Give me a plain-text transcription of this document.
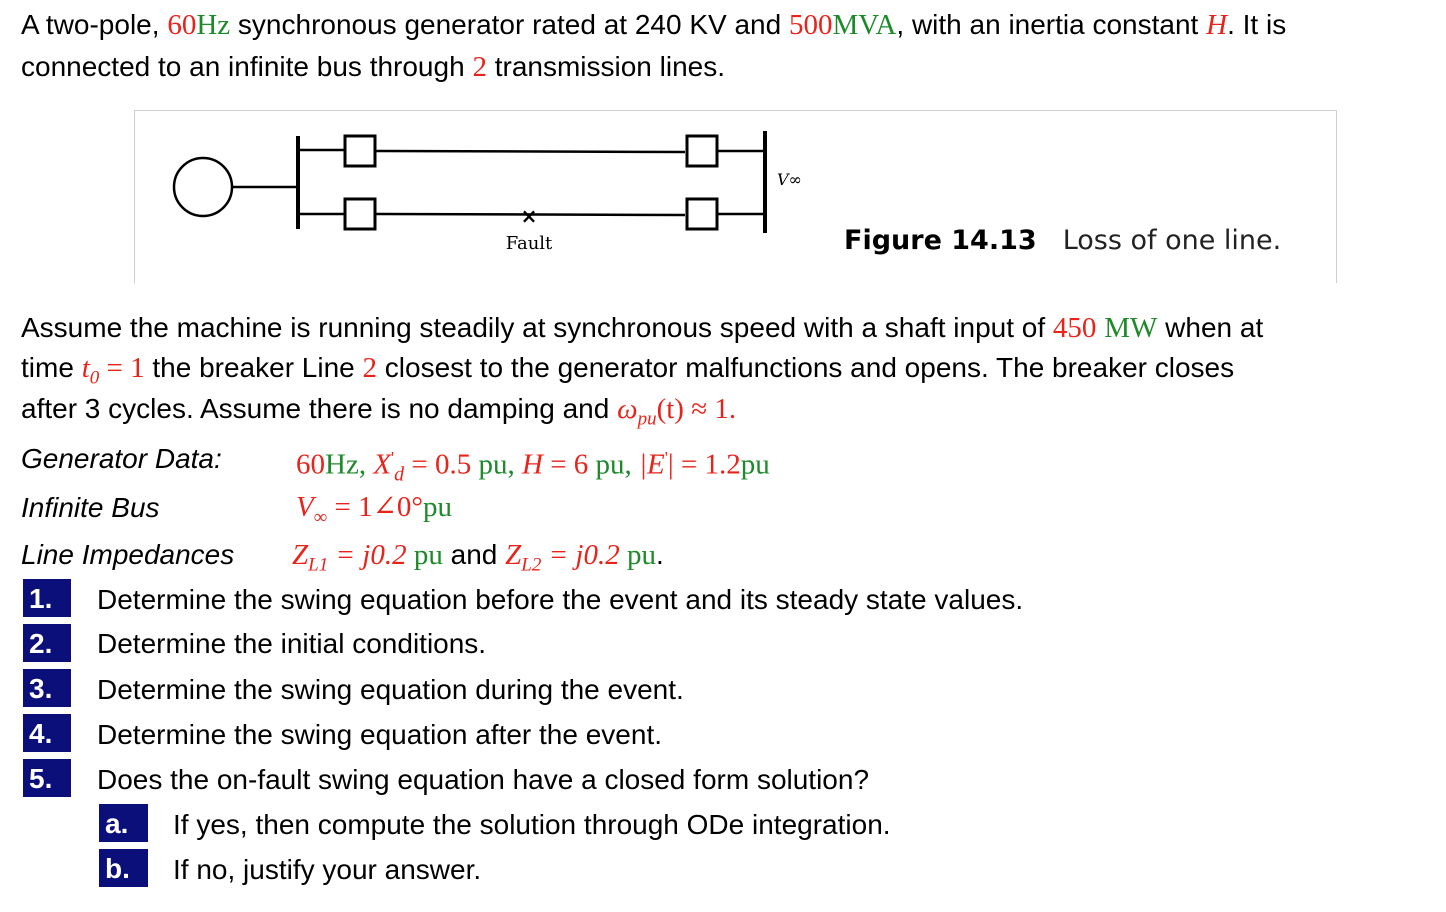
A two-pole, 60Hz synchronous generator rated at 240 KV and 500MVA, with an inertia constant H. It is
connected to an infinite bus through 2 transmission lines.
×
Fault
V∞
Figure 14.13 Loss of one line.
Assume the machine is running steadily at synchronous speed with a shaft input of 450 MW when at
time $t_0 = 1$ the breaker Line 2 closest to the generator malfunctions and opens. The breaker closes
after 3 cycles. Assume there is no damping and $\omega_{pu}(t) \approx 1$.
Generator Data:	60Hz, $X'_d = 0.5$ pu, H = 6 pu, |E'| = 1.2pu
Infinite Bus	$V_\infty$ = 1∠0°pu
Line Impedances $Z_{L1} = j0.2$ pu and $Z_{L2} = j0.2$ pu.
1.	Determine the swing equation before the event and its steady state values.
2.	Determine the initial conditions.
3.	Determine the swing equation during the event.
4.	Determine the swing equation after the event.
5.	Does the on-fault swing equation have a closed form solution?
a.	If yes, then compute the solution through ODe integration.
b.	If no, justify your answer.
